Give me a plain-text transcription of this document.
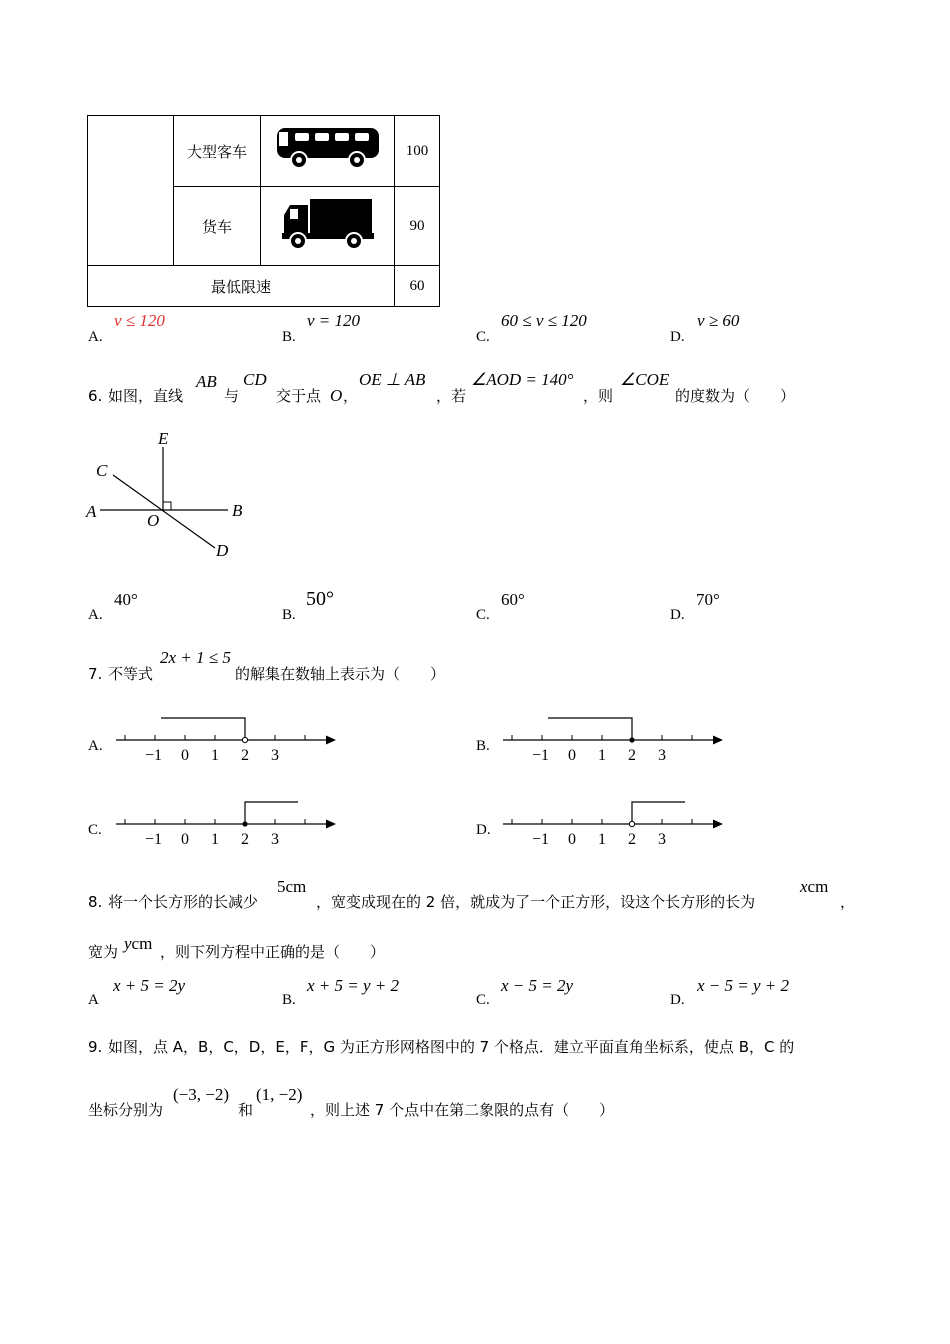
	大型客车		100
	货车		90
最低限速			60
A.
v ≤ 120
B.
v = 120
C.
60 ≤ v ≤ 120
D.
v ≥ 60
6. 如图，直线
AB
与
CD
交于点 O ，
OE ⊥ AB
，若
∠AOD = 140°
，则
∠COE
的度数为（　　）
E
C
A	O
B
D
A.
40°
B.
50°
C.
60°
D.
70°
7. 不等式
2x + 1 ≤ 5
的解集在数轴上表示为（　　）
A.
−1 0 1 2 3
B.
−1 0 1 2 3
C.
−1 0 1 2 3
D.
−1 0 1 2 3
8. 将一个长方形的长减少
5cm
，宽变成现在的 2 倍，就成为了一个正方形，设这个长方形的长为
xcm
，
宽为 ycm ，则下列方程中正确的是（　　）
A
x + 5 = 2y
B.
x + 5 = y + 2
C.
x − 5 = 2y
D.
x − 5 = y + 2
9. 如图，点 A，B，C，D，E，F，G 为正方形网格图中的 7 个格点．建立平面直角坐标系，使点 B，C 的
坐标分别为
(−3, −2)
和
(1, −2)
，则上述 7 个点中在第二象限的点有（　　）
